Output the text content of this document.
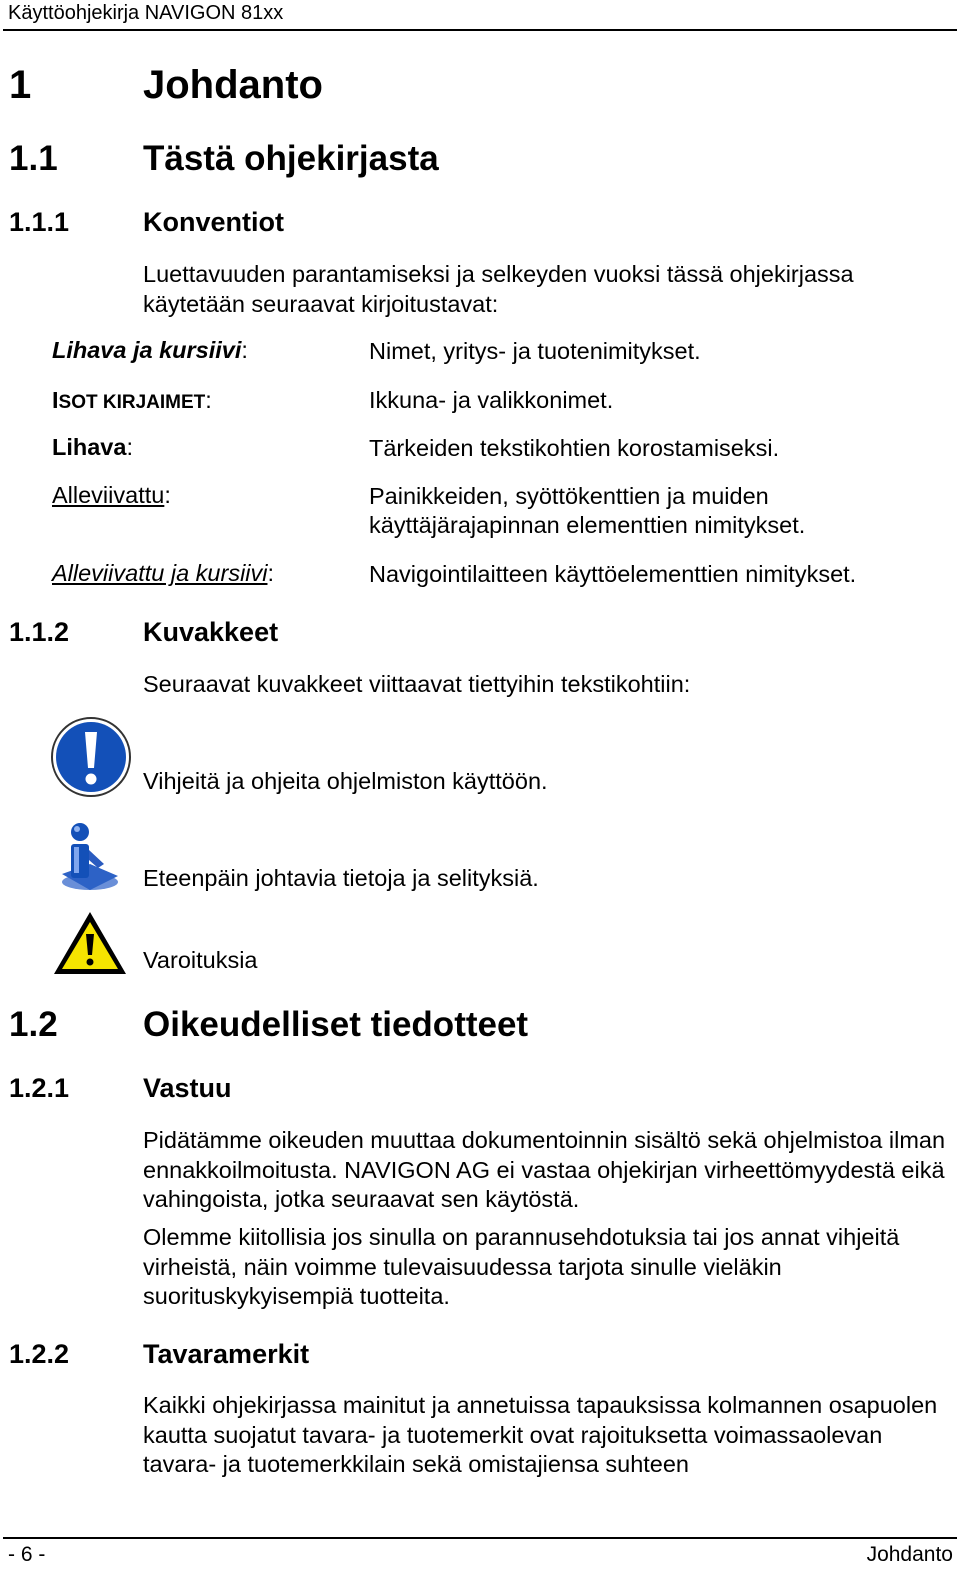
Käyttöohjekirja NAVIGON 81xx
1	Johdanto
1.1 Tästä ohjekirjasta
1.1.1	Konventiot
Luettavuuden parantamiseksi ja selkeyden vuoksi tässä ohjekirjassa käytetään seuraavat kirjoitustavat:
Lihava ja kursiivi:	Nimet, yritys- ja tuotenimitykset.
ISOT KIRJAIMET:	Ikkuna- ja valikkonimet.
Lihava:	Tärkeiden tekstikohtien korostamiseksi.
Alleviivattu:	Painikkeiden, syöttökenttien ja muiden
käyttäjärajapinnan elementtien nimitykset.
Alleviivattu ja kursiivi:	Navigointilaitteen käyttöelementtien nimitykset.
1.1.2	Kuvakkeet
Seuraavat kuvakkeet viittaavat tiettyihin tekstikohtiin:
Vihjeitä ja ohjeita ohjelmiston käyttöön.
Eteenpäin johtavia tietoja ja selityksiä.
Varoituksia
1.2 Oikeudelliset tiedotteet
1.2.1	Vastuu
Pidätämme oikeuden muuttaa dokumentoinnin sisältö sekä ohjelmistoa ilman ennakkoilmoitusta. NAVIGON AG ei vastaa ohjekirjan virheettömyydestä eikä vahingoista, jotka seuraavat sen käytöstä.
Olemme kiitollisia jos sinulla on parannusehdotuksia tai jos annat vihjeitä virheistä, näin voimme tulevaisuudessa tarjota sinulle vieläkin suorituskykyisempiä tuotteita.
1.2.2	Tavaramerkit
Kaikki ohjekirjassa mainitut ja annetuissa tapauksissa kolmannen osapuolen kautta suojatut tavara- ja tuotemerkit ovat rajoituksetta voimassaolevan tavara- ja tuotemerkkilain sekä omistajiensa suhteen
- 6 -	Johdanto
